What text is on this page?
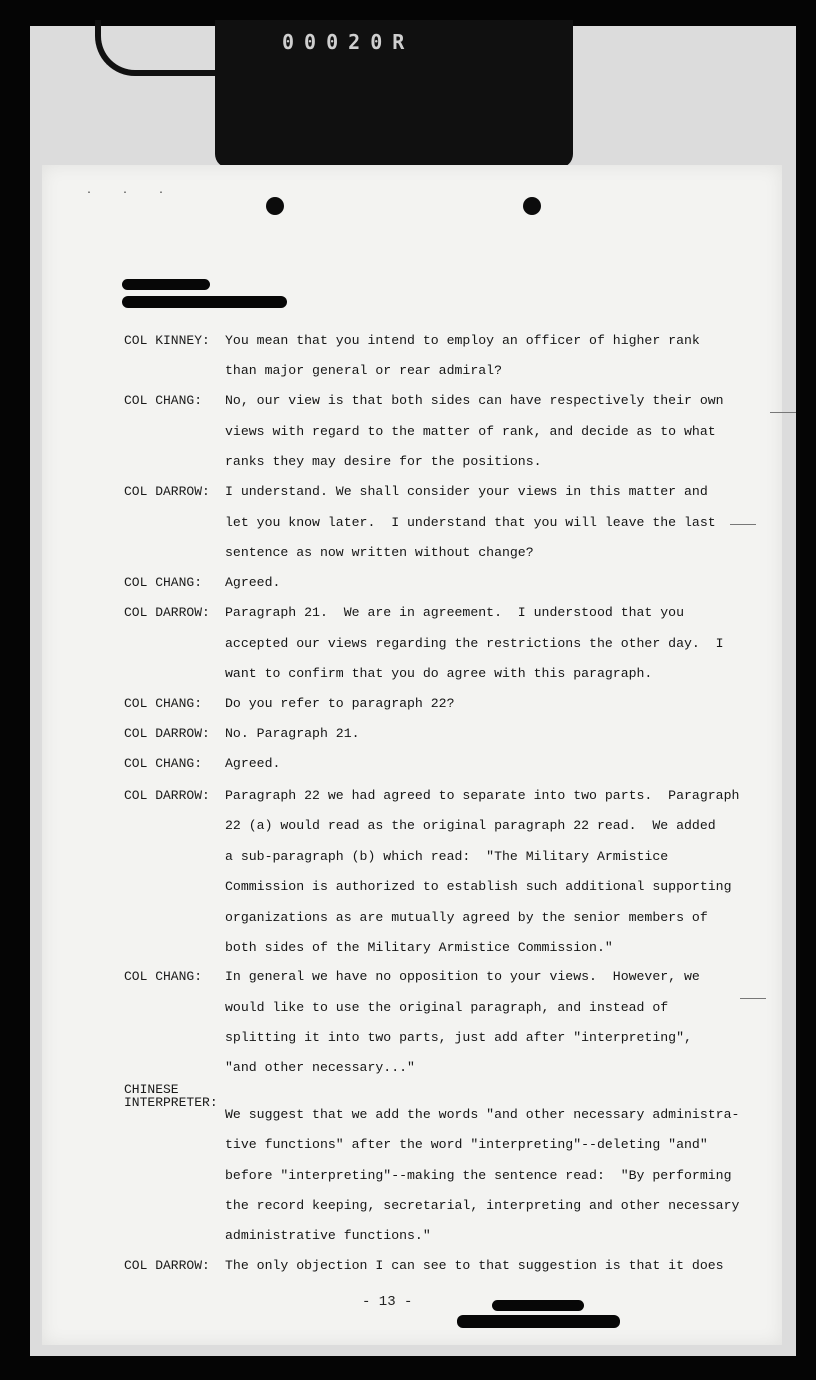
0 0 0 2 0 R
. . .
COL KINNEY: You mean that you intend to employ an officer of higher rank
than major general or rear admiral?
COL CHANG: No, our view is that both sides can have respectively their own
views with regard to the matter of rank, and decide as to what
ranks they may desire for the positions.
COL DARROW: I understand. We shall consider your views in this matter and
let you know later.  I understand that you will leave the last
sentence as now written without change?
COL CHANG: Agreed.
COL DARROW: Paragraph 21.  We are in agreement.  I understood that you
accepted our views regarding the restrictions the other day.  I
want to confirm that you do agree with this paragraph.
COL CHANG: Do you refer to paragraph 22?
COL DARROW: No. Paragraph 21.
COL CHANG: Agreed.
COL DARROW: Paragraph 22 we had agreed to separate into two parts.  Paragraph
22 (a) would read as the original paragraph 22 read.  We added
a sub-paragraph (b) which read:  "The Military Armistice
Commission is authorized to establish such additional supporting
organizations as are mutually agreed by the senior members of
both sides of the Military Armistice Commission."
COL CHANG: In general we have no opposition to your views.  However, we
would like to use the original paragraph, and instead of
splitting it into two parts, just add after "interpreting",
"and other necessary..."
CHINESE
INTERPRETER:
We suggest that we add the words "and other necessary administra-
tive functions" after the word "interpreting"--deleting "and"
before "interpreting"--making the sentence read:  "By performing
the record keeping, secretarial, interpreting and other necessary
administrative functions."
COL DARROW: The only objection I can see to that suggestion is that it does
- 13 -
